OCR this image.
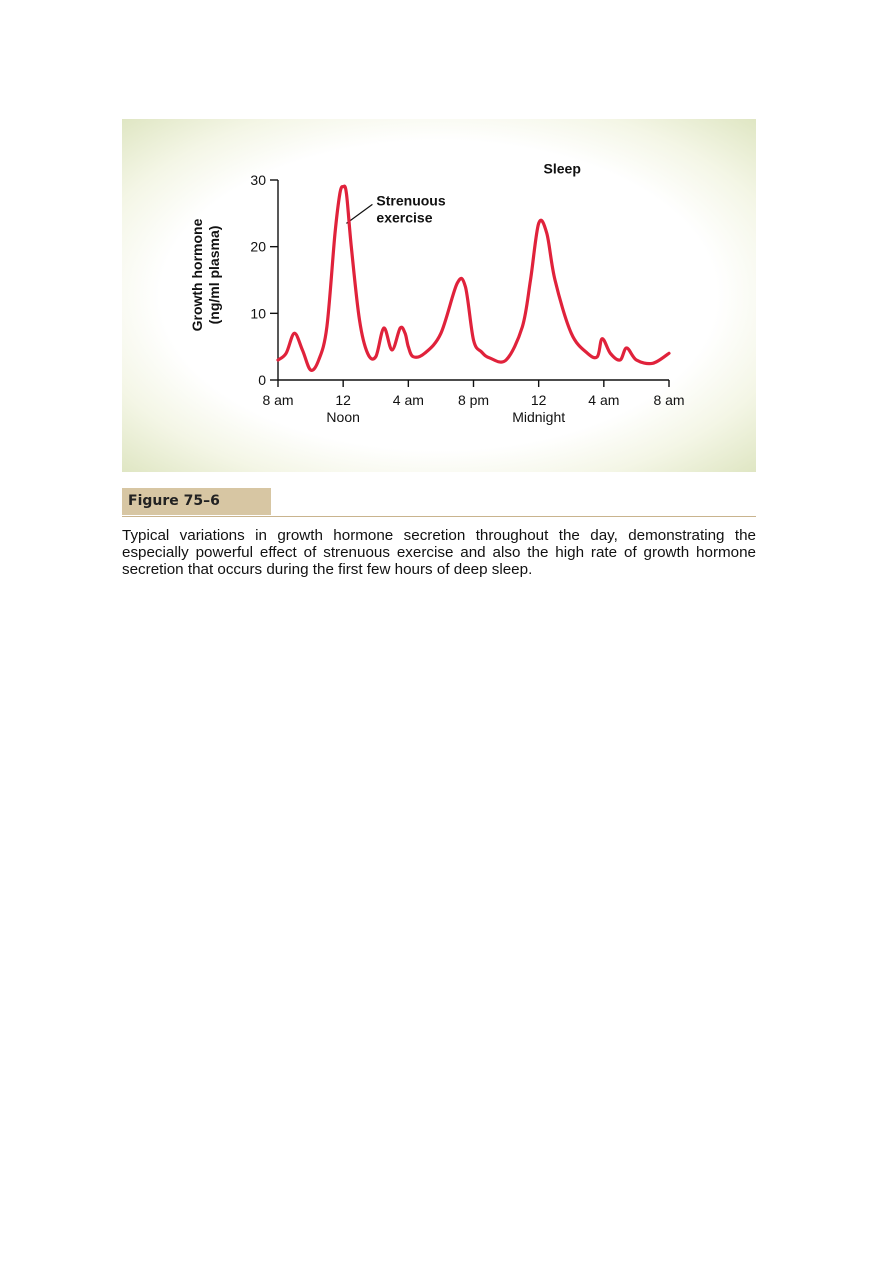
0
10
20
30
8 am	12
Noon
4 am 8 pm	12
Midnight
4 am 8 am
Growth hormone(ng/ml plasma)
Strenuous
exercise
Sleep
Figure 75–6

Typical variations in growth hormone secretion throughout the day, demonstrating the especially powerful effect of strenuous exercise and also the high rate of growth hormone secretion that occurs during the first few hours of deep sleep.
